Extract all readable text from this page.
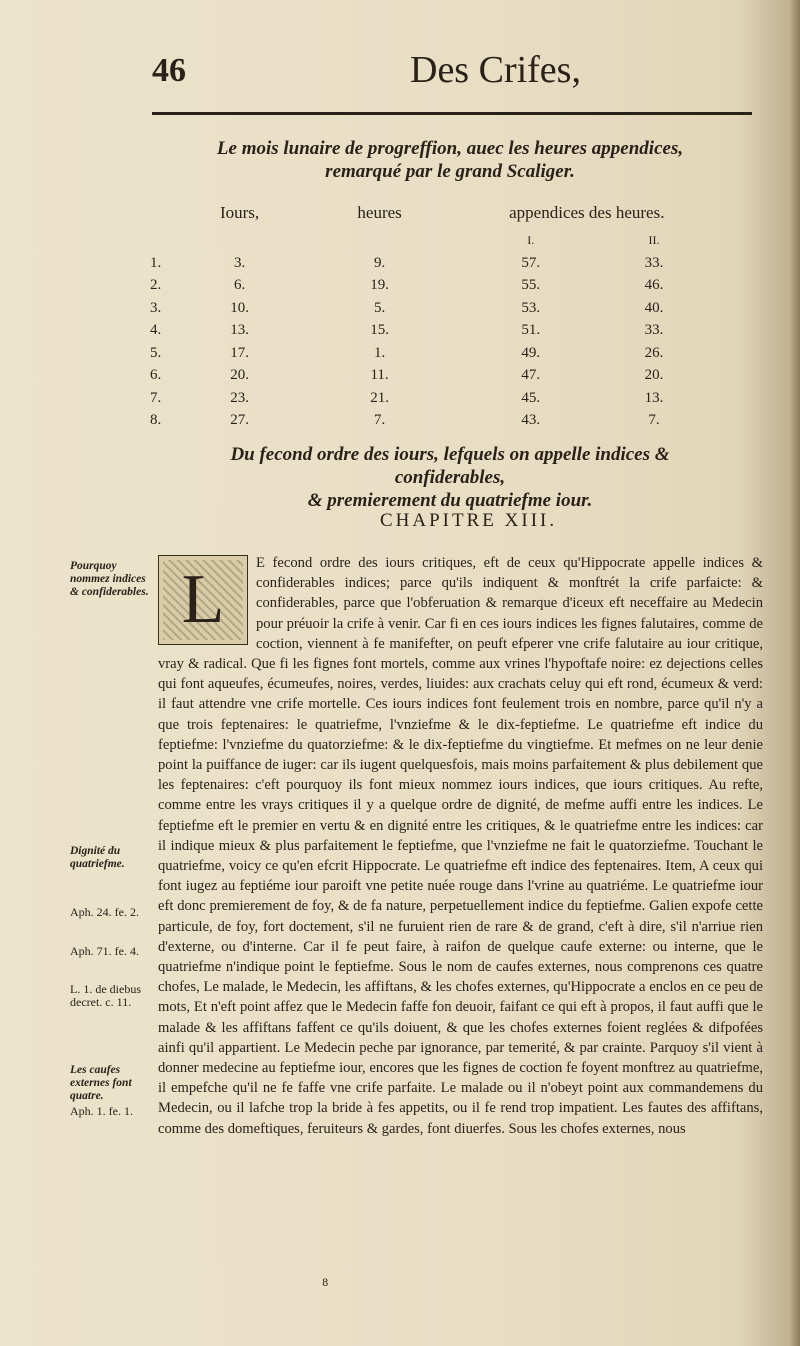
46	Des Crifes,
Le mois lunaire de progreffion, auec les heures appendices,
remarqué par le grand Scaliger.
	Iours,	heures	appendices des heures.	
			I.	II.
1.	3.	9.	57.	33.
2.	6.	19.	55.	46.
3.	10.	5.	53.	40.
4.	13.	15.	51.	33.
5.	17.	1.	49.	26.
6.	20.	11.	47.	20.
7.	23.	21.	45.	13.
8.	27.	7.	43.	7.
Du fecond ordre des iours, lefquels on appelle indices & confiderables,
& premierement du quatriefme iour.
CHAPITRE XIII.
L	E fecond ordre des iours critiques, eft de ceux qu'Hippocrate appelle indices & confiderables indices; parce qu'ils indiquent & monftrét la crife parfaicte: & confiderables, parce que l'obferuation & remarque d'iceux eft neceffaire au Medecin pour préuoir la crife à venir. Car fi en ces iours indices les fignes falutaires, comme de coction, viennent à fe manifefter, on peuft efperer vne crife falutaire au iour critique, vray & radical. Que fi les fignes font mortels, comme aux vrines l'hypoftafe noire: ez dejections celles qui font aqueufes, écumeufes, noires, verdes, liuides: aux crachats celuy qui eft rond, écumeux & verd: il faut attendre vne crife mortelle. Ces iours indices font feulement trois en nombre, parce qu'il n'y a que trois feptenaires: le quatriefme, l'vnziefme & le dix-feptiefme. Le quatriefme eft indice du feptiefme: l'vnziefme du quatorziefme: & le dix-feptiefme du vingtiefme. Et mefmes on ne leur denie point la puiffance de iuger: car ils iugent quelquesfois, mais moins parfaitement & plus debilement que les feptenaires: c'eft pourquoy ils font mieux nommez iours indices, que iours critiques. Au refte, comme entre les vrays critiques il y a quelque ordre de dignité, de mefme auffi entre les indices. Le feptiefme eft le premier en vertu & en dignité entre les critiques, & le quatriefme entre les indices: car il indique mieux & plus parfaitement le feptiefme, que l'vnziefme ne fait le quatorziefme. Touchant le quatriefme, voicy ce qu'en efcrit Hippocrate. Le quatriefme eft indice des feptenaires. Item, A ceux qui font iugez au feptiéme iour paroift vne petite nuée rouge dans l'vrine au quatriéme. Le quatriefme iour eft donc premierement de foy, & de fa nature, perpetuellement indice du feptiefme. Galien expofe cette particule, de foy, fort doctement, s'il ne furuient rien de rare & de grand, c'eft à dire, s'il n'arriue rien d'externe, ou d'interne. Car il fe peut faire, à raifon de quelque caufe externe: ou interne, que le quatriefme n'indique point le feptiefme. Sous le nom de caufes externes, nous comprenons ces quatre chofes, Le malade, le Medecin, les affiftans, & les chofes externes, qu'Hippocrate a enclos en ce peu de mots, Et n'eft point affez que le Medecin faffe fon deuoir, faifant ce qui eft à propos, il faut auffi que le malade & les affiftans faffent ce qu'ils doiuent, & que les chofes externes foient reglées & difpofées ainfi qu'il appartient. Le Medecin peche par ignorance, par temerité, & par crainte. Parquoy s'il vient à donner medecine au feptiefme iour, encores que les fignes de coction fe foyent monftrez au quatriefme, il empefche qu'il ne fe faffe vne crife parfaite. Le malade ou il n'obeyt point aux commandemens du Medecin, ou il lafche trop la bride à fes appetits, ou il fe rend trop impatient. Les fautes des affiftans, comme des domeftiques, feruiteurs & gardes, font diuerfes. Sous les chofes externes, nous

Pourquoy nommez indices & confiderables.
Dignité du quatriefme.
Aph. 24. fe. 2.
Aph. 71. fe. 4.
L. 1. de diebus decret. c. 11.
Les caufes externes font quatre.
Aph. 1. fe. 1.
8
